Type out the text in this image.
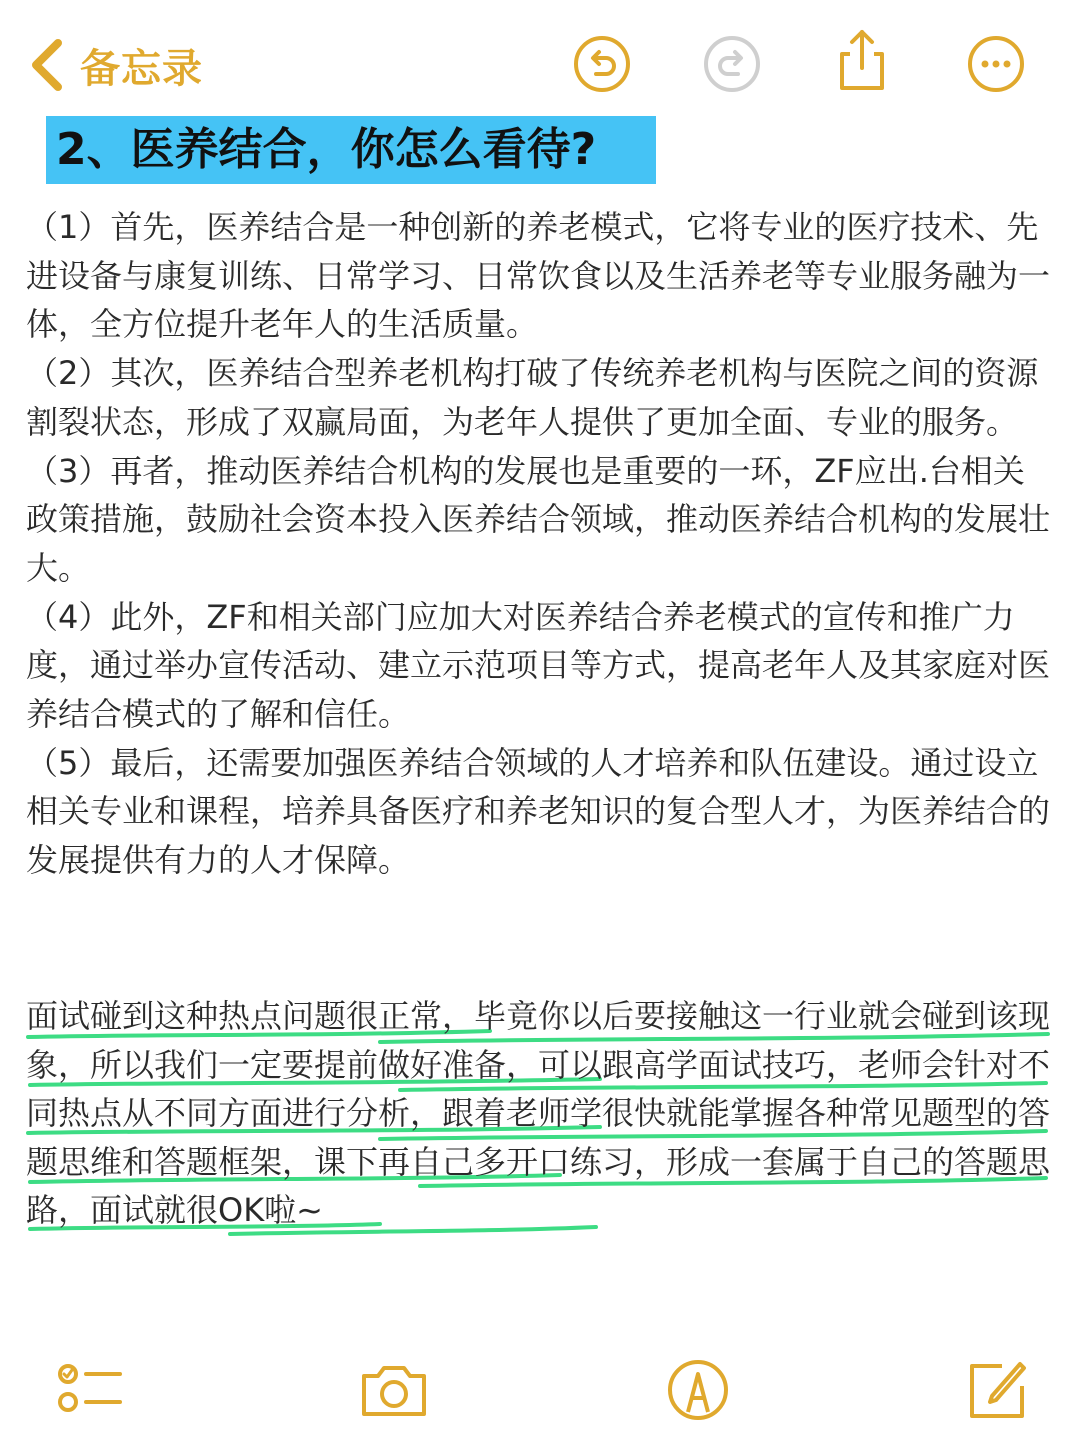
备忘录
2、医养结合，你怎么看待?

（1）首先，医养结合是一种创新的养老模式，它将专业的医疗技术、先进设备与康复训练、日常学习、日常饮食以及生活养老等专业服务融为一体，全方位提升老年人的生活质量。

（2）其次，医养结合型养老机构打破了传统养老机构与医院之间的资源割裂状态，形成了双赢局面，为老年人提供了更加全面、专业的服务。

（3）再者，推动医养结合机构的发展也是重要的一环，ZF应出.台相关政策措施，鼓励社会资本投入医养结合领域，推动医养结合机构的发展壮大。

（4）此外，ZF和相关部门应加大对医养结合养老模式的宣传和推广力度，通过举办宣传活动、建立示范项目等方式，提高老年人及其家庭对医养结合模式的了解和信任。

（5）最后，还需要加强医养结合领域的人才培养和队伍建设。通过设立相关专业和课程，培养具备医疗和养老知识的复合型人才，为医养结合的发展提供有力的人才保障。

面试碰到这种热点问题很正常，毕竟你以后要接触这一行业就会碰到该现象，所以我们一定要提前做好准备，可以跟高学面试技巧，老师会针对不同热点从不同方面进行分析，跟着老师学很快就能掌握各种常见题型的答题思维和答题框架，课下再自己多开口练习，形成一套属于自己的答题思路，面试就很OK啦~
